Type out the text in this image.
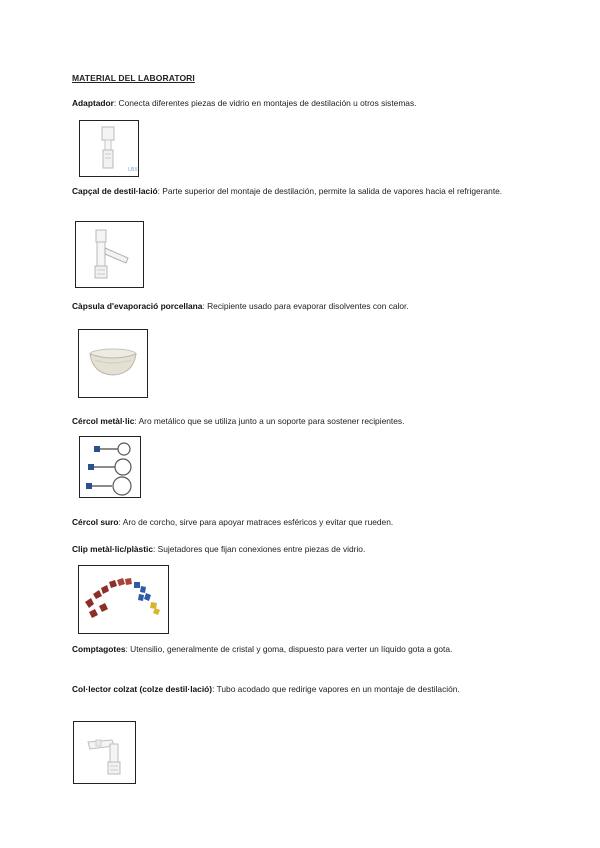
MATERIAL DEL LABORATORI
Adaptador: Conecta diferentes piezas de vidrio en montajes de destilación u otros sistemas.
LBX
Capçal de destil·lació: Parte superior del montaje de destilación, permite la salida de vapores hacia el refrigerante.
Càpsula d'evaporació porcellana: Recipiente usado para evaporar disolventes con calor.
Cércol metàl·lic: Aro metálico que se utiliza junto a un soporte para sostener recipientes.
Cércol suro: Aro de corcho, sirve para apoyar matraces esféricos y evitar que rueden.
Clip metàl·lic/plàstic: Sujetadores que fijan conexiones entre piezas de vidrio.
Comptagotes: Utensilio, generalmente de cristal y goma, dispuesto para verter un líquido gota a gota.
Col·lector colzat (colze destil·lació): Tubo acodado que redirige vapores en un montaje de destilación.
